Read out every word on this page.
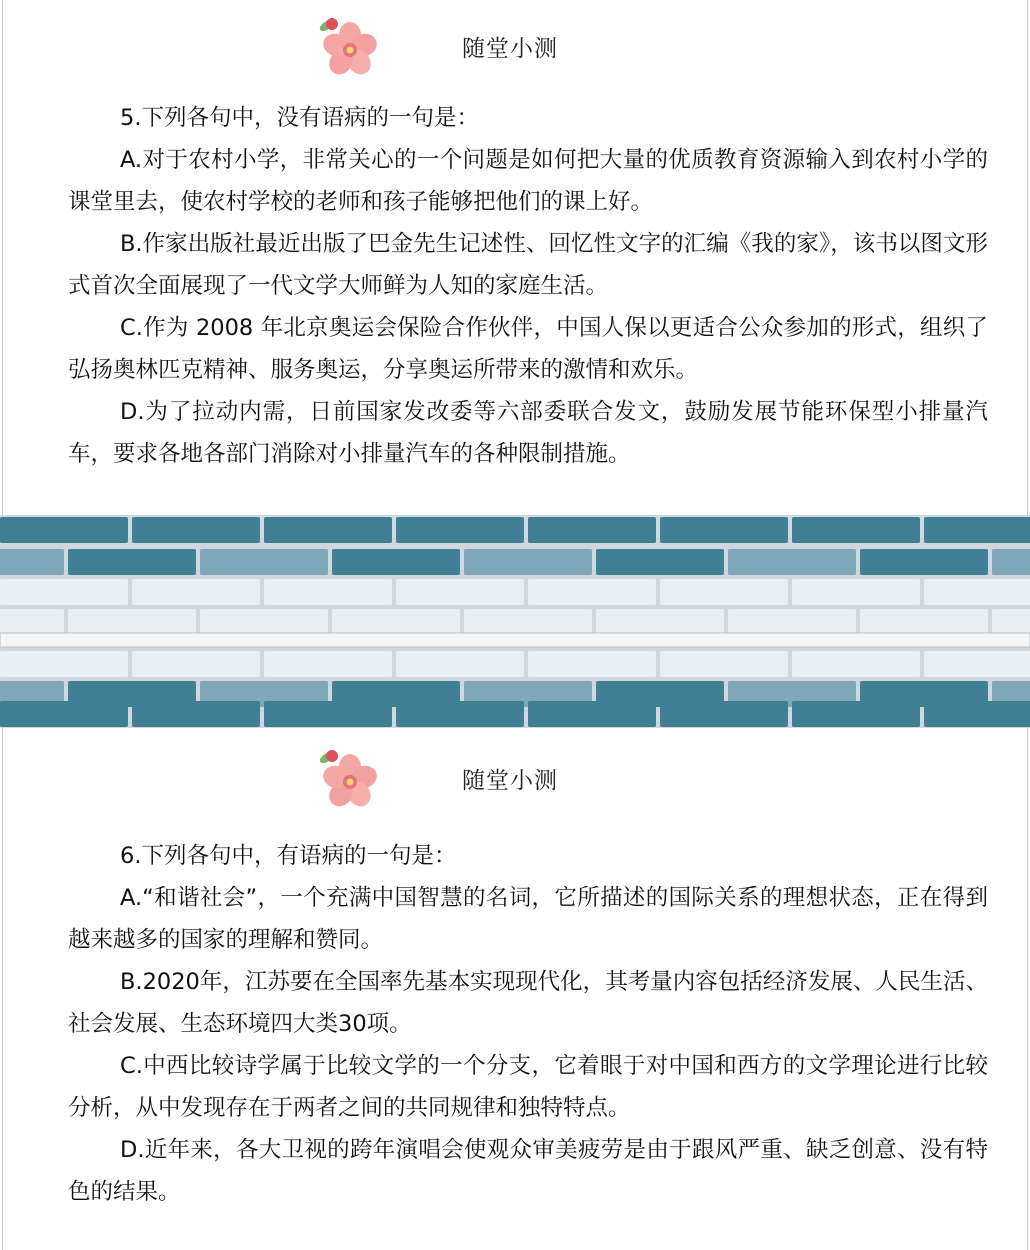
随堂小测
5.下列各句中，没有语病的一句是：
A.对于农村小学，非常关心的一个问题是如何把大量的优质教育资源输入到农村小学的课堂里去，使农村学校的老师和孩子能够把他们的课上好。
B.作家出版社最近出版了巴金先生记述性、回忆性文字的汇编《我的家》，该书以图文形式首次全面展现了一代文学大师鲜为人知的家庭生活。
C.作为 2008 年北京奥运会保险合作伙伴，中国人保以更适合公众参加的形式，组织了弘扬奥林匹克精神、服务奥运，分享奥运所带来的激情和欢乐。
D.为了拉动内需，日前国家发改委等六部委联合发文，鼓励发展节能环保型小排量汽车，要求各地各部门消除对小排量汽车的各种限制措施。
随堂小测
6.下列各句中，有语病的一句是：
A.“和谐社会”，一个充满中国智慧的名词，它所描述的国际关系的理想状态，正在得到越来越多的国家的理解和赞同。
B.2020年，江苏要在全国率先基本实现现代化，其考量内容包括经济发展、人民生活、社会发展、生态环境四大类30项。
C.中西比较诗学属于比较文学的一个分支，它着眼于对中国和西方的文学理论进行比较分析，从中发现存在于两者之间的共同规律和独特特点。
D.近年来，各大卫视的跨年演唱会使观众审美疲劳是由于跟风严重、缺乏创意、没有特色的结果。
